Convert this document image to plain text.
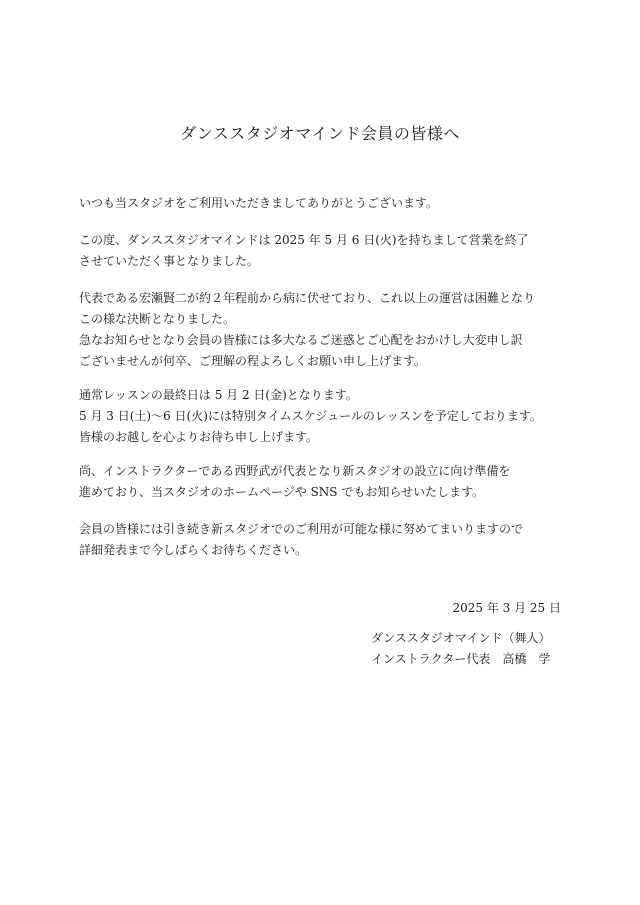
ダンススタジオマインド会員の皆様へ

いつも当スタジオをご利用いただきましてありがとうございます。

この度、ダンススタジオマインドは 2025 年 5 月 6 日(火)を持ちまして営業を終了
させていただく事となりました。

代表である宏瀬賢二が約２年程前から病に伏せており、これ以上の運営は困難となり
この様な決断となりました。
急なお知らせとなり会員の皆様には多大なるご迷惑とご心配をおかけし大変申し訳
ございませんが何卒、ご理解の程よろしくお願い申し上げます。

通常レッスンの最終日は 5 月 2 日(金)となります。
5 月 3 日(土)〜6 日(火)には特別タイムスケジュールのレッスンを予定しております。
皆様のお越しを心よりお待ち申し上げます。

尚、インストラクターである西野武が代表となり新スタジオの設立に向け準備を
進めており、当スタジオのホームページや SNS でもお知らせいたします。

会員の皆様には引き続き新スタジオでのご利用が可能な様に努めてまいりますので
詳細発表まで今しばらくお待ちください。

2025 年 3 月 25 日
ダンススタジオマインド（舞人）
インストラクター代表　高橋　学
